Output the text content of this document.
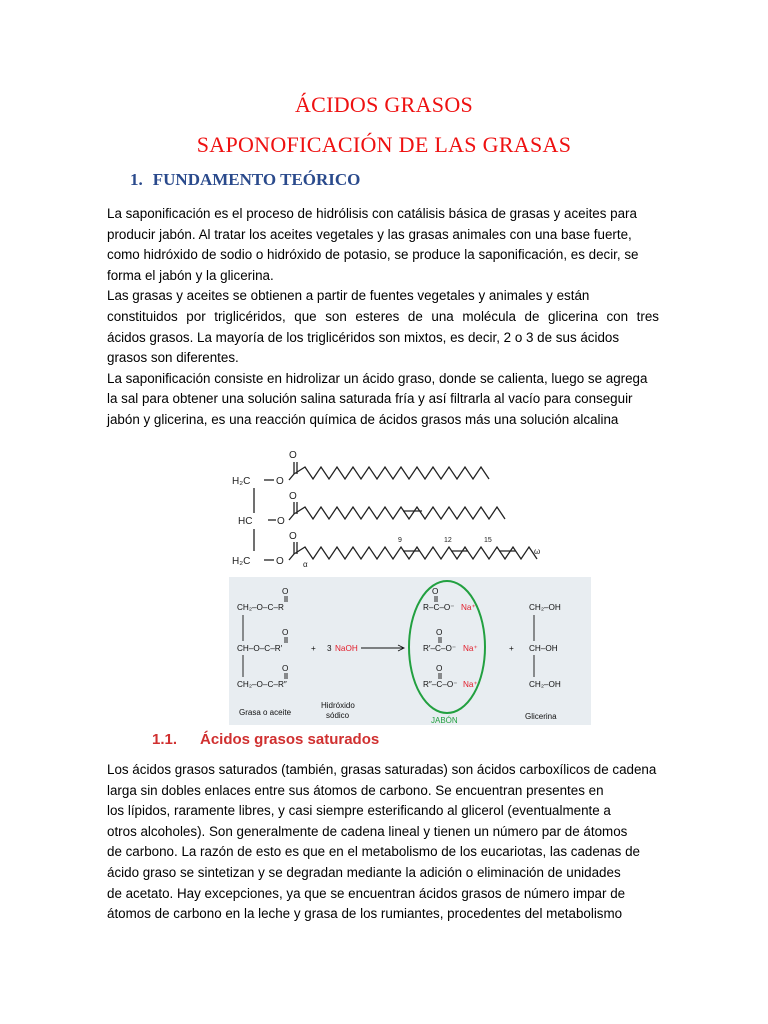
ÁCIDOS GRASOS
SAPONOFICACIÓN DE LAS GRASAS
1. FUNDAMENTO TEÓRICO

La saponificación es el proceso de hidrólisis con catálisis básica de grasas y aceites para

producir jabón. Al tratar los aceites vegetales y las grasas animales con una base fuerte,

como hidróxido de sodio o hidróxido de potasio, se produce la saponificación, es decir, se

forma el jabón y la glicerina.

Las grasas y aceites se obtienen a partir de fuentes vegetales y animales y están

constituidos por triglicéridos, que son esteres de una molécula de glicerina con tres

ácidos grasos. La mayoría de los triglicéridos son mixtos, es decir, 2 o 3 de sus ácidos

grasos son diferentes.

La saponificación consiste en hidrolizar un ácido graso, donde se calienta, luego se agrega

la sal para obtener una solución salina saturada fría y así filtrarla al vacío para conseguir

jabón y glicerina, es una reacción química de ácidos grasos más una solución alcalina

H₂C	O
O
HC O
O
H₂C	O
O	9	12	15
α
ω
CH₂–O–C–R
CH–O–C–R′
CH₂–O–C–R″
O
O
O
+ 3 NaOH
R–C–O⁻
R′–C–O⁻
R″–C–O⁻
O
O
O
Na⁺
Na⁺
Na⁺
+
CH₂–OH
CH–OH
CH₂–OH
Grasa o aceite
Hidróxido
sódico
JABÓN	Glicerina
1.1. Ácidos grasos saturados

Los ácidos grasos saturados (también, grasas saturadas) son ácidos carboxílicos de cadena

larga sin dobles enlaces entre sus átomos de carbono. Se encuentran presentes en

los lípidos, raramente libres, y casi siempre esterificando al glicerol (eventualmente a

otros alcoholes). Son generalmente de cadena lineal y tienen un número par de átomos

de carbono. La razón de esto es que en el metabolismo de los eucariotas, las cadenas de

ácido graso se sintetizan y se degradan mediante la adición o eliminación de unidades

de acetato. Hay excepciones, ya que se encuentran ácidos grasos de número impar de

átomos de carbono en la leche y grasa de los rumiantes, procedentes del metabolismo
